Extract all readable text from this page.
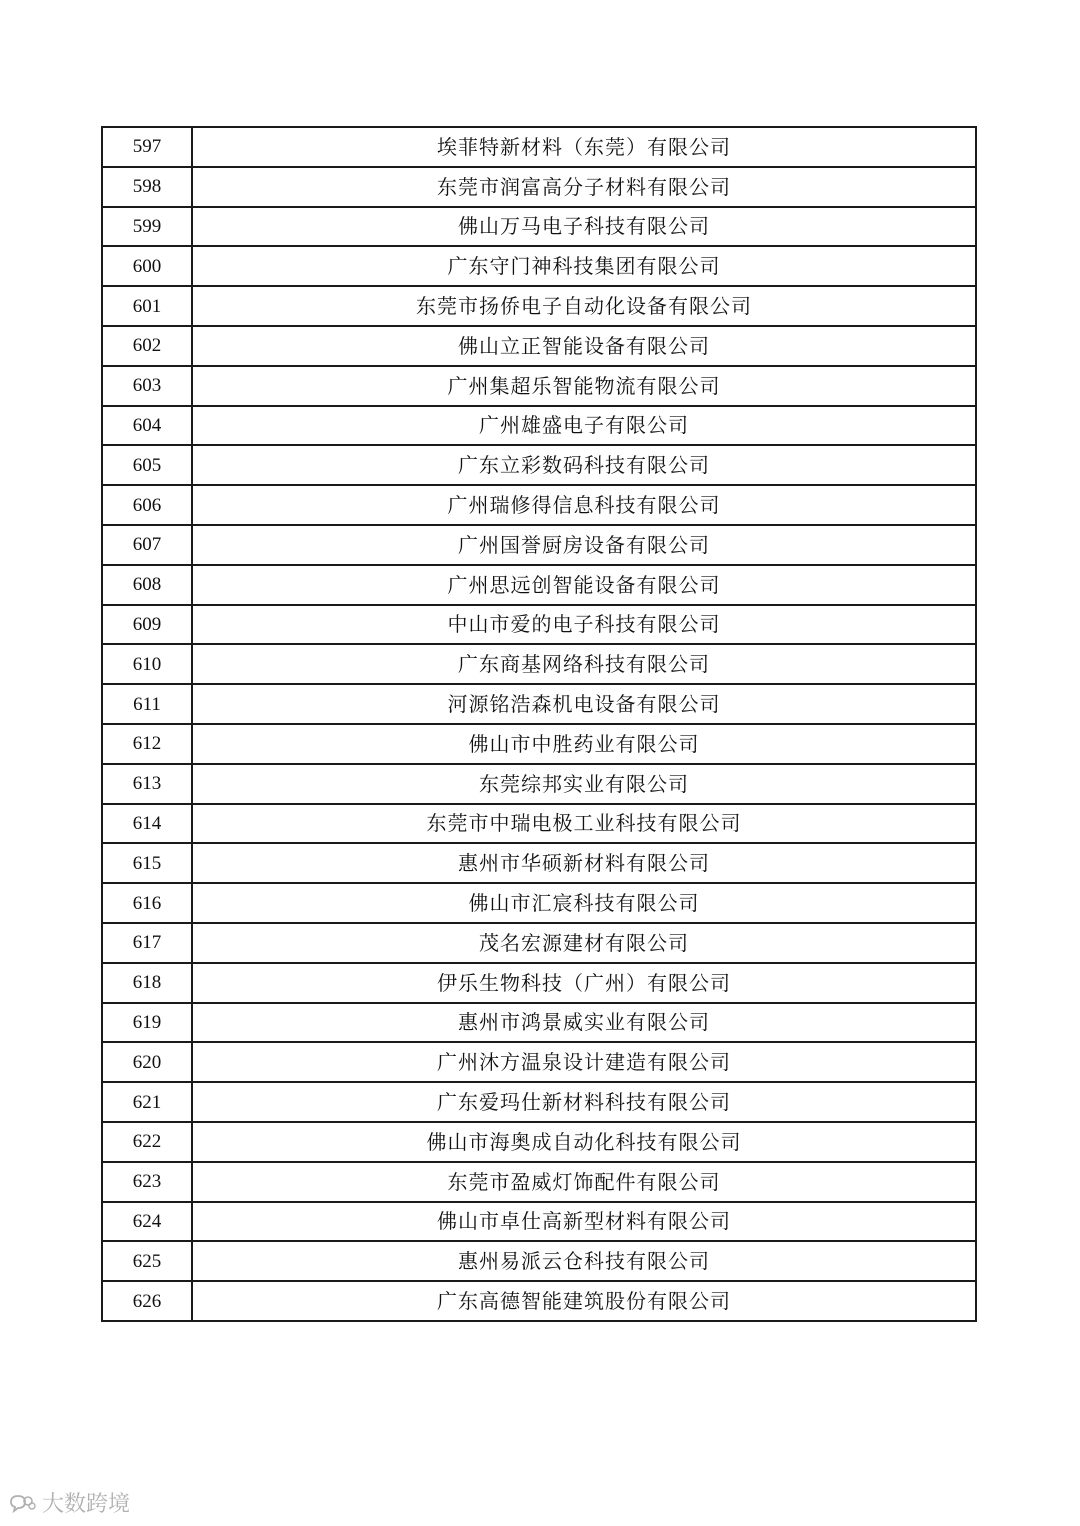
597	埃菲特新材料（东莞）有限公司
598	东莞市润富高分子材料有限公司
599	佛山万马电子科技有限公司
600	广东守门神科技集团有限公司
601	东莞市扬侨电子自动化设备有限公司
602	佛山立正智能设备有限公司
603	广州集超乐智能物流有限公司
604	广州雄盛电子有限公司
605	广东立彩数码科技有限公司
606	广州瑞修得信息科技有限公司
607	广州国誉厨房设备有限公司
608	广州思远创智能设备有限公司
609	中山市爱的电子科技有限公司
610	广东商基网络科技有限公司
611	河源铭浩森机电设备有限公司
612	佛山市中胜药业有限公司
613	东莞综邦实业有限公司
614	东莞市中瑞电极工业科技有限公司
615	惠州市华硕新材料有限公司
616	佛山市汇宸科技有限公司
617	茂名宏源建材有限公司
618	伊乐生物科技（广州）有限公司
619	惠州市鸿景威实业有限公司
620	广州沐方温泉设计建造有限公司
621	广东爱玛仕新材料科技有限公司
622	佛山市海奥成自动化科技有限公司
623	东莞市盈威灯饰配件有限公司
624	佛山市卓仕高新型材料有限公司
625	惠州易派云仓科技有限公司
626	广东高德智能建筑股份有限公司
大数跨境
